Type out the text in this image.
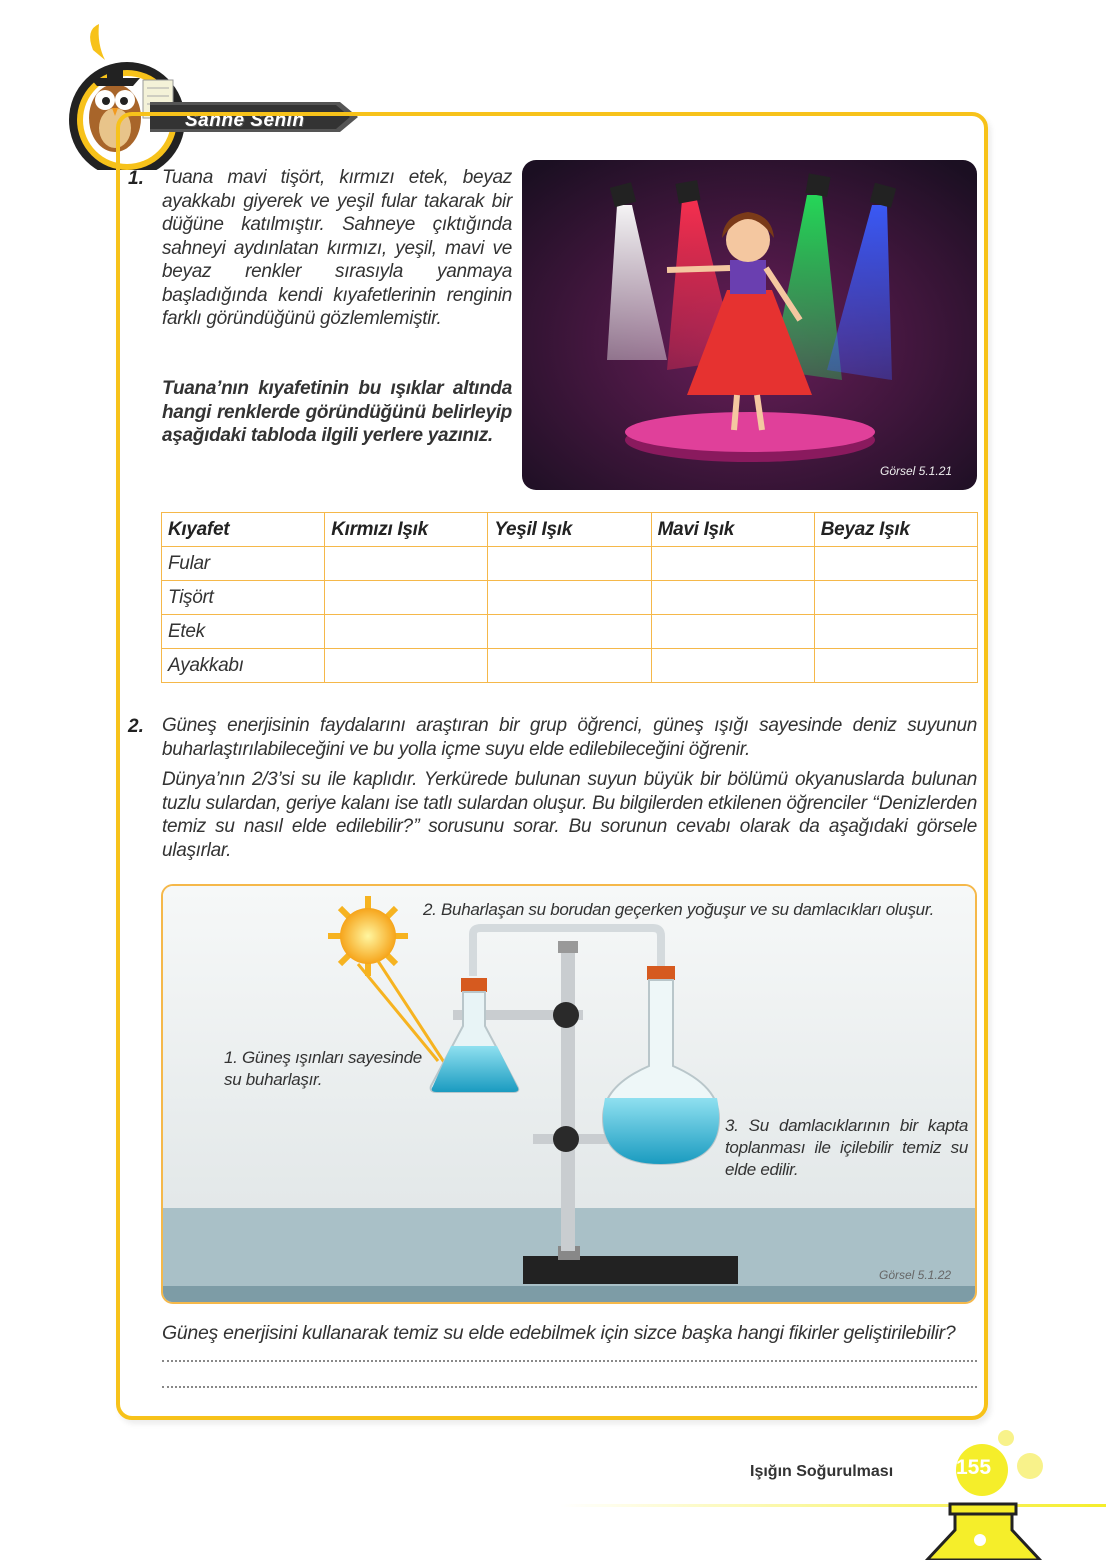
Sahne Senin
1. Tuana mavi tişört, kırmızı etek, beyaz ayakkabı giyerek ve yeşil fular takarak bir düğüne katılmıştır. Sahneye çıktığında sahneyi aydınlatan kırmızı, yeşil, mavi ve beyaz renkler sırasıyla yanmaya başladığında kendi kıyafetlerinin renginin farklı göründüğünü gözlemlemiştir.
Tuana’nın kıyafetinin bu ışıklar altında hangi renklerde göründüğünü belirleyip aşağıdaki tabloda ilgili yerlere yazınız.
Görsel 5.1.21
Kıyafet	Kırmızı Işık	Yeşil Işık	Mavi Işık	Beyaz Işık
Fular				
Tişört				
Etek				
Ayakkabı				
2. Güneş enerjisinin faydalarını araştıran bir grup öğrenci, güneş ışığı sayesinde deniz suyunun buharlaştırılabileceğini ve bu yolla içme suyu elde edilebileceğini öğrenir.
Dünya’nın 2/3’si su ile kaplıdır. Yerkürede bulunan suyun büyük bir bölümü okyanuslarda bulunan tuzlu sulardan, geriye kalanı ise tatlı sulardan oluşur. Bu bilgilerden etkilenen öğrenciler ‘‘Denizlerden temiz su nasıl elde edilebilir?’’ sorusunu sorar. Bu sorunun cevabı olarak da aşağıdaki görsele ulaşırlar.
2. Buharlaşan su borudan geçerken yoğuşur ve su damlacıkları oluşur.
1. Güneş ışınları sayesinde su buharlaşır.
3. Su damlacıklarının bir kapta toplanması ile içilebilir temiz su elde edilir.
Görsel 5.1.22
Güneş enerjisini kullanarak temiz su elde edebilmek için sizce başka hangi fikirler geliştirilebilir?
Işığın Soğurulması	155
